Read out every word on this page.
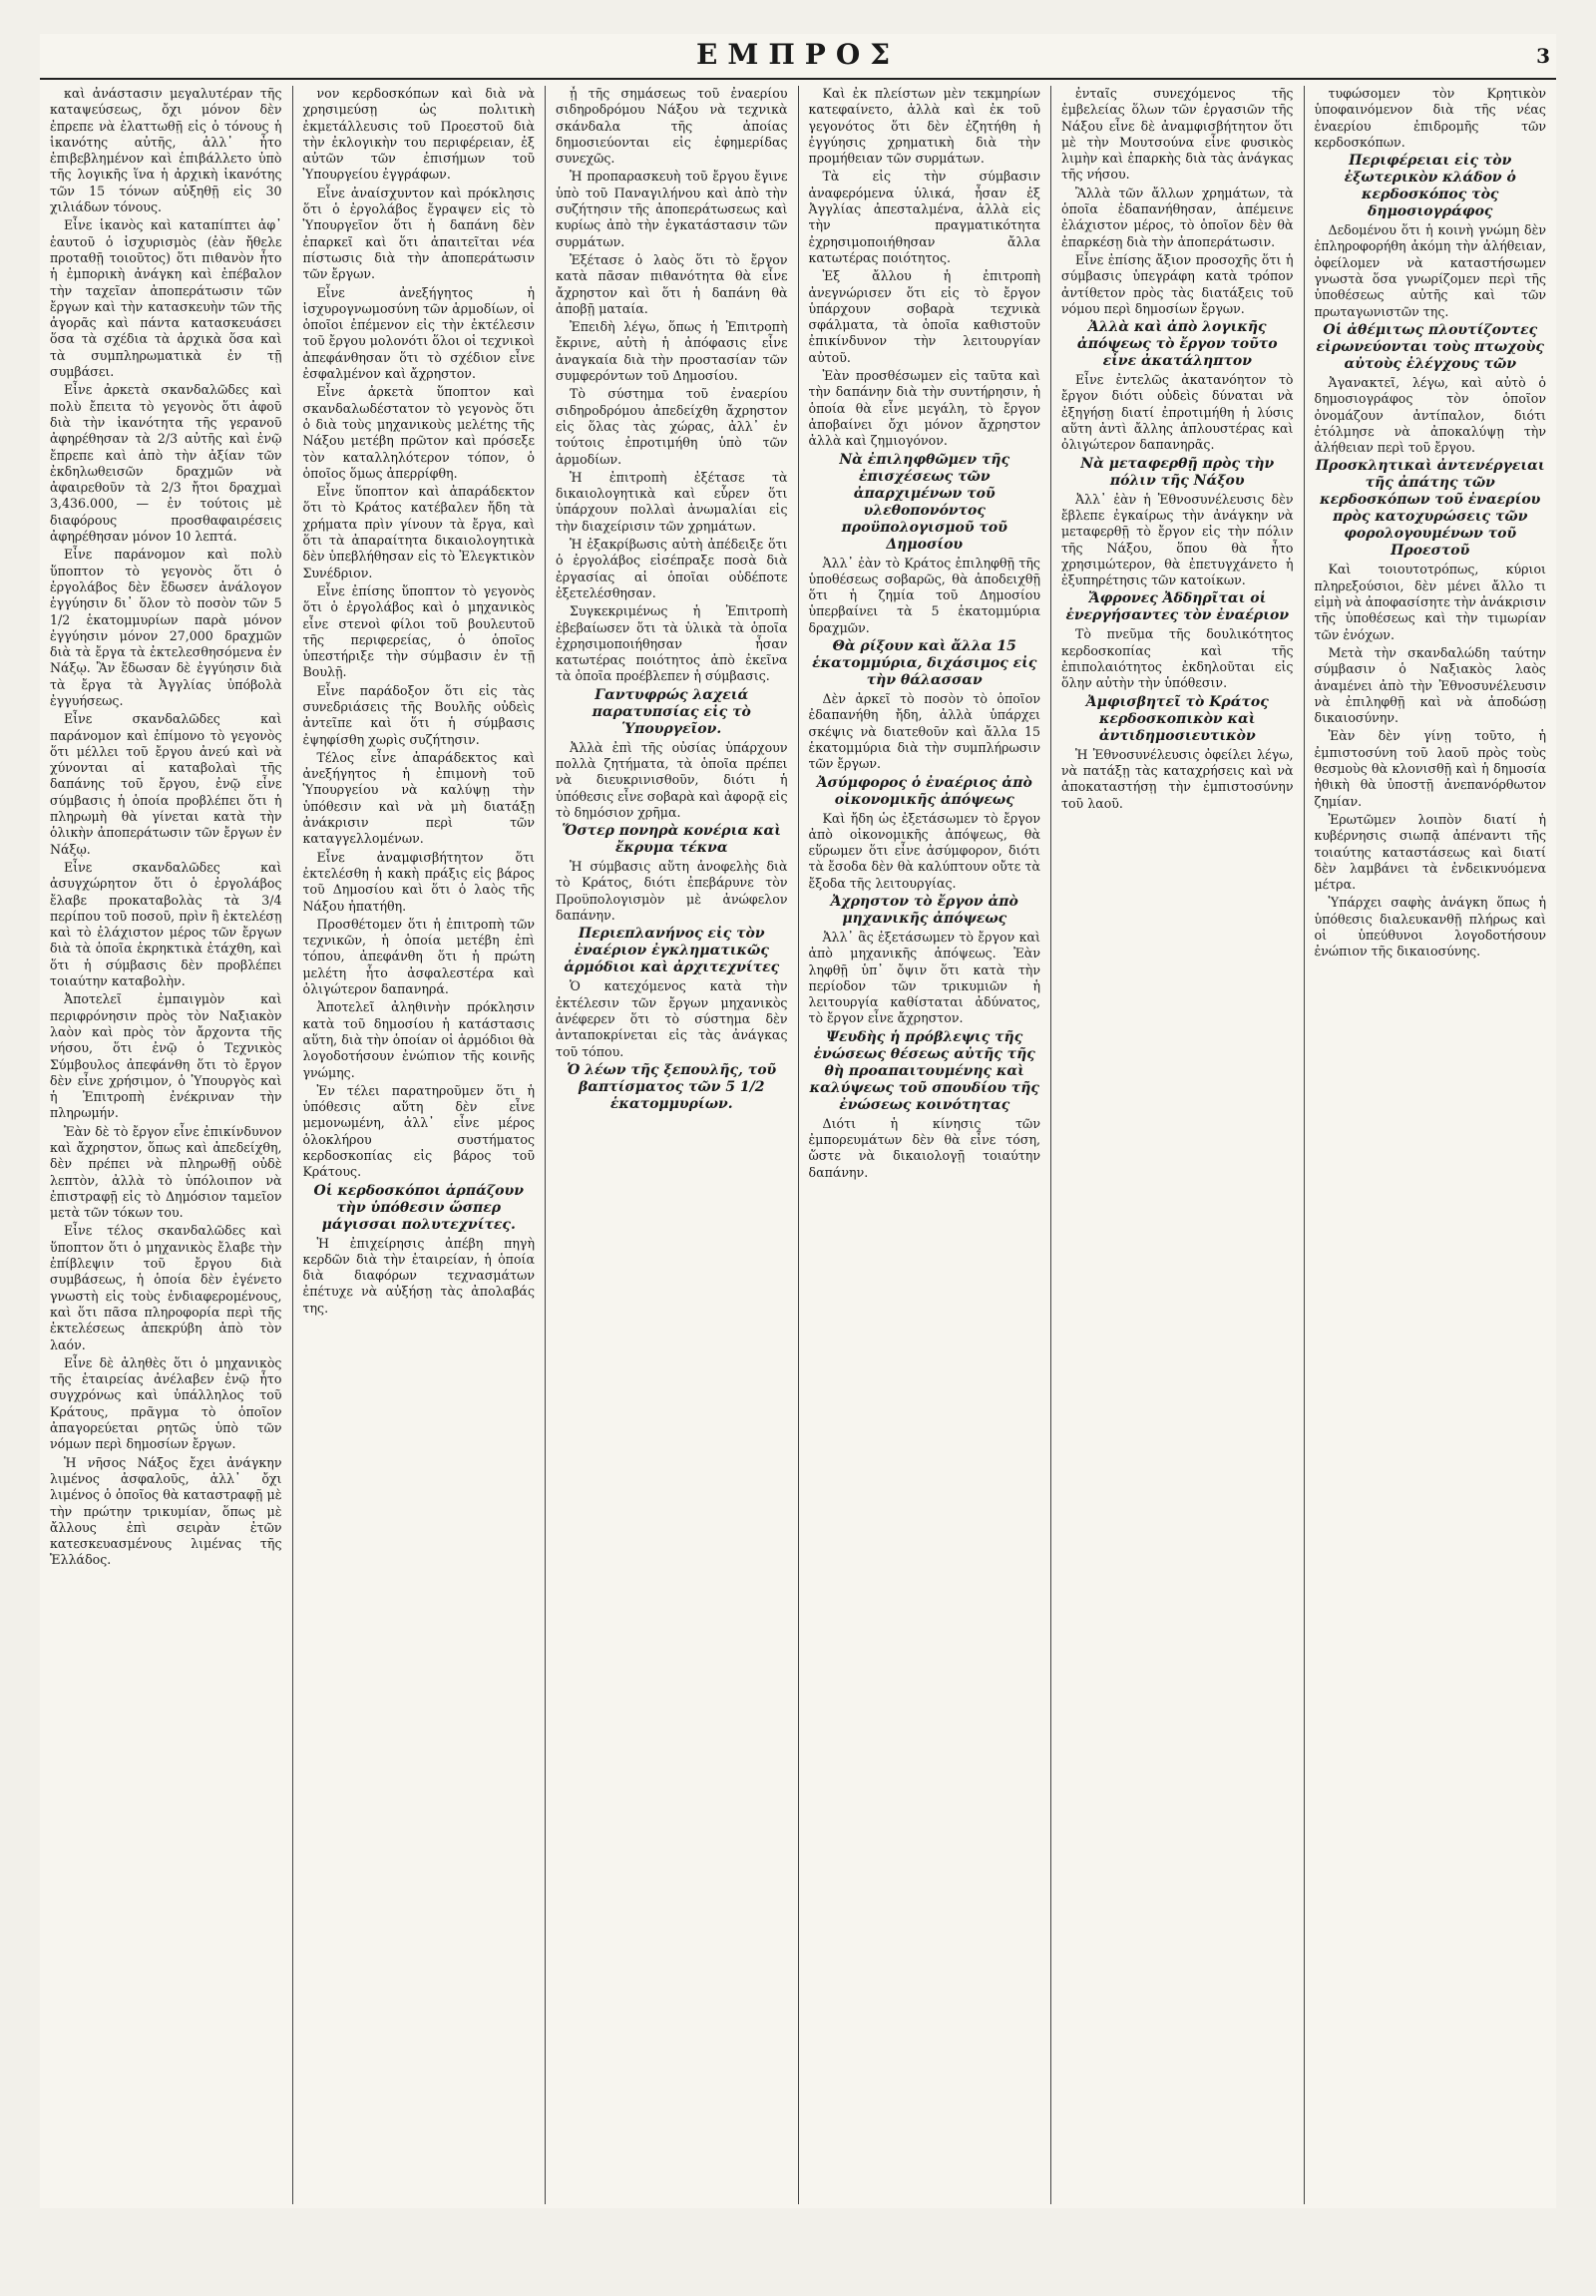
ΕΜΠΡΟΣ	3

καὶ ἀνάστασιν μεγαλυτέραν τῆς καταψεύσεως, ὄχι μόνον δὲν ἐπρεπε νὰ ἐλαττωθῇ εἰς ὁ τόνους ἡ ἱκανότης αὐτῆς, ἀλλ᾽ ἦτο ἐπιβεβλημένον καὶ ἐπιβάλλετο ὑπὸ τῆς λογικῆς ἵνα ἡ ἀρχικὴ ἱκανότης τῶν 15 τόνων αὐξηθῇ εἰς 30 χιλιάδων τόνους.

Εἶνε ἱκανὸς καὶ καταπίπτει ἀφ᾽ ἑαυτοῦ ὁ ἰσχυρισμὸς (ἐὰν ἤθελε προταθῇ τοιοῦτος) ὅτι πιθανὸν ἦτο ἡ ἐμπορικὴ ἀνάγκη καὶ ἐπέβαλον τὴν ταχεῖαν ἀποπεράτωσιν τῶν ἔργων καὶ τὴν κατασκευὴν τῶν τῆς ἀγορᾶς καὶ πάντα κατασκευάσει ὅσα τὰ σχέδια τὰ ἀρχικὰ ὅσα καὶ τὰ συμπληρωματικὰ ἐν τῇ συμβάσει.

Εἶνε ἀρκετὰ σκανδαλῶδες καὶ πολὺ ἔπειτα τὸ γεγονὸς ὅτι ἀφοῦ διὰ τὴν ἱκανότητα τῆς γερανοῦ ἀφηρέθησαν τὰ 2/3 αὐτῆς καὶ ἐνῷ ἔπρεπε καὶ ἀπὸ τὴν ἀξίαν τῶν ἐκδηλωθεισῶν δραχμῶν νὰ ἀφαιρεθοῦν τὰ 2/3 ἤτοι δραχμαὶ 3,436.000, — ἐν τούτοις μὲ διαφόρους προσθαφαιρέσεις ἀφηρέθησαν μόνον 10 λεπτά.

Εἶνε παράνομον καὶ πολὺ ὕποπτον τὸ γεγονὸς ὅτι ὁ ἐργολάβος δὲν ἔδωσεν ἀνάλογον ἐγγύησιν δι᾽ ὅλον τὸ ποσὸν τῶν 5 1/2 ἑκατομμυρίων παρὰ μόνον ἐγγύησιν μόνον 27,000 δραχμῶν διὰ τὰ ἔργα τὰ ἐκτελεσθησόμενα ἐν Νάξῳ. Ἂν ἔδωσαν δὲ ἐγγύησιν διὰ τὰ ἔργα τὰ Ἀγγλίας ὑπόβολὰ ἐγγυήσεως.

Εἶνε σκανδαλῶδες καὶ παράνομον καὶ ἐπίμονο τὸ γεγονὸς ὅτι μέλλει τοῦ ἔργου ἀνεύ καὶ νὰ χύνονται αἱ καταβολαὶ τῆς δαπάνης τοῦ ἔργου, ἐνῷ εἶνε σύμβασις ἡ ὁποία προβλέπει ὅτι ἡ πληρωμὴ θὰ γίνεται κατὰ τὴν ὁλικὴν ἀποπεράτωσιν τῶν ἔργων ἐν Νάξῳ.

Εἶνε σκανδαλῶδες καὶ ἀσυγχώρητον ὅτι ὁ ἐργολάβος ἔλαβε προκαταβολὰς τὰ 3/4 περίπου τοῦ ποσοῦ, πρὶν ἢ ἐκτελέσῃ καὶ τὸ ἐλάχιστον μέρος τῶν ἔργων διὰ τὰ ὁποῖα ἐκρηκτικὰ ἐτάχθη, καὶ ὅτι ἡ σύμβασις δὲν προβλέπει τοιαύτην καταβολὴν.

Ἀποτελεῖ ἐμπαιγμὸν καὶ περιφρόνησιν πρὸς τὸν Ναξιακὸν λαὸν καὶ πρὸς τὸν ἄρχοντα τῆς νήσου, ὅτι ἐνῷ ὁ Τεχνικὸς Σύμβουλος ἀπεφάνθη ὅτι τὸ ἔργον δὲν εἶνε χρήσιμον, ὁ Ὑπουργὸς καὶ ἡ Ἐπιτροπὴ ἐνέκριναν τὴν πληρωμήν.

Ἐὰν δὲ τὸ ἔργον εἶνε ἐπικίνδυνον καὶ ἄχρηστον, ὅπως καὶ ἀπεδείχθη, δὲν πρέπει νὰ πληρωθῇ οὐδὲ λεπτὸν, ἀλλὰ τὸ ὑπόλοιπον νὰ ἐπιστραφῇ εἰς τὸ Δημόσιον ταμεῖον μετὰ τῶν τόκων του.

Εἶνε τέλος σκανδαλῶδες καὶ ὕποπτον ὅτι ὁ μηχανικὸς ἔλαβε τὴν ἐπίβλεψιν τοῦ ἔργου διὰ συμβάσεως, ἡ ὁποία δὲν ἐγένετο γνωστὴ εἰς τοὺς ἐνδιαφερομένους, καὶ ὅτι πᾶσα πληροφορία περὶ τῆς ἐκτελέσεως ἀπεκρύβη ἀπὸ τὸν λαόν.

Εἶνε δὲ ἀληθὲς ὅτι ὁ μηχανικὸς τῆς ἑταιρείας ἀνέλαβεν ἐνῷ ἦτο συγχρόνως καὶ ὑπάλληλος τοῦ Κράτους, πρᾶγμα τὸ ὁποῖον ἀπαγορεύεται ρητῶς ὑπὸ τῶν νόμων περὶ δημοσίων ἔργων.

Ἡ νῆσος Νάξος ἔχει ἀνάγκην λιμένος ἀσφαλοῦς, ἀλλ᾽ ὄχι λιμένος ὁ ὁποῖος θὰ καταστραφῇ μὲ τὴν πρώτην τρικυμίαν, ὅπως μὲ ἄλλους ἐπὶ σειρὰν ἐτῶν κατεσκευασμένους λιμένας τῆς Ἑλλάδος.

νον κερδοσκόπων καὶ διὰ νὰ χρησιμεύσῃ ὡς πολιτικὴ ἐκμετάλλευσις τοῦ Προεστοῦ διὰ τὴν ἐκλογικὴν του περιφέρειαν, ἐξ αὐτῶν τῶν ἐπισήμων τοῦ Ὑπουργείου ἐγγράφων.

Εἶνε ἀναίσχυντον καὶ πρόκλησις ὅτι ὁ ἐργολάβος ἔγραψεν εἰς τὸ Ὑπουργεῖον ὅτι ἡ δαπάνη δὲν ἐπαρκεῖ καὶ ὅτι ἀπαιτεῖται νέα πίστωσις διὰ τὴν ἀποπεράτωσιν τῶν ἔργων.

Εἶνε ἀνεξήγητος ἡ ἰσχυρογνωμοσύνη τῶν ἁρμοδίων, οἱ ὁποῖοι ἐπέμενον εἰς τὴν ἐκτέλεσιν τοῦ ἔργου μολονότι ὅλοι οἱ τεχνικοὶ ἀπεφάνθησαν ὅτι τὸ σχέδιον εἶνε ἐσφαλμένον καὶ ἄχρηστον.

Εἶνε ἀρκετὰ ὕποπτον καὶ σκανδαλωδέστατον τὸ γεγονὸς ὅτι ὁ διὰ τοὺς μηχανικοὺς μελέτης τῆς Νάξου μετέβη πρῶτον καὶ πρόσεξε τὸν καταλληλότερον τόπον, ὁ ὁποῖος ὅμως ἀπερρίφθη.

Εἶνε ὕποπτον καὶ ἀπαράδεκτον ὅτι τὸ Κράτος κατέβαλεν ἤδη τὰ χρήματα πρὶν γίνουν τὰ ἔργα, καὶ ὅτι τὰ ἀπαραίτητα δικαιολογητικὰ δὲν ὑπεβλήθησαν εἰς τὸ Ἐλεγκτικὸν Συνέδριον.

Εἶνε ἐπίσης ὕποπτον τὸ γεγονὸς ὅτι ὁ ἐργολάβος καὶ ὁ μηχανικὸς εἶνε στενοὶ φίλοι τοῦ βουλευτοῦ τῆς περιφερείας, ὁ ὁποῖος ὑπεστήριξε τὴν σύμβασιν ἐν τῇ Βουλῇ.

Εἶνε παράδοξον ὅτι εἰς τὰς συνεδριάσεις τῆς Βουλῆς οὐδεὶς ἀντεῖπε καὶ ὅτι ἡ σύμβασις ἐψηφίσθη χωρὶς συζήτησιν.

Τέλος εἶνε ἀπαράδεκτος καὶ ἀνεξήγητος ἡ ἐπιμονὴ τοῦ Ὑπουργείου νὰ καλύψῃ τὴν ὑπόθεσιν καὶ νὰ μὴ διατάξῃ ἀνάκρισιν περὶ τῶν καταγγελλομένων.

Εἶνε ἀναμφισβήτητον ὅτι ἐκτελέσθη ἡ κακὴ πράξις εἰς βάρος τοῦ Δημοσίου καὶ ὅτι ὁ λαὸς τῆς Νάξου ἠπατήθη.

Προσθέτομεν ὅτι ἡ ἐπιτροπὴ τῶν τεχνικῶν, ἡ ὁποία μετέβη ἐπὶ τόπου, ἀπεφάνθη ὅτι ἡ πρώτη μελέτη ἦτο ἀσφαλεστέρα καὶ ὀλιγώτερον δαπανηρά.

Ἀποτελεῖ ἀληθινὴν πρόκλησιν κατὰ τοῦ δημοσίου ἡ κατάστασις αὕτη, διὰ τὴν ὁποίαν οἱ ἁρμόδιοι θὰ λογοδοτήσουν ἐνώπιον τῆς κοινῆς γνώμης.

Ἐν τέλει παρατηροῦμεν ὅτι ἡ ὑπόθεσις αὕτη δὲν εἶνε μεμονωμένη, ἀλλ᾽ εἶνε μέρος ὁλοκλήρου συστήματος κερδοσκοπίας εἰς βάρος τοῦ Κράτους.

Οἱ κερδοσκόποι ἁρπάζουν τὴν ὑπόθεσιν ὥσπερ μάγισσαι πολυτεχνίτες.

Ἡ ἐπιχείρησις ἀπέβη πηγὴ κερδῶν διὰ τὴν ἑταιρείαν, ἡ ὁποία διὰ διαφόρων τεχνασμάτων ἐπέτυχε νὰ αὐξήσῃ τὰς ἀπολαβάς της.

ᾖ τῆς σημάσεως τοῦ ἐναερίου σιδηροδρόμου Νάξου νὰ τεχνικὰ σκάνδαλα τῆς ἀποίας δημοσιεύονται εἰς ἐφημερίδας συνεχῶς.

Ἡ προπαρασκευὴ τοῦ ἔργου ἔγινε ὑπὸ τοῦ Παναγιλήνου καὶ ἀπὸ τὴν συζήτησιν τῆς ἀποπεράτωσεως καὶ κυρίως ἀπὸ τὴν ἐγκατάστασιν τῶν συρμάτων.

Ἐξέτασε ὁ λαὸς ὅτι τὸ ἔργον κατὰ πᾶσαν πιθανότητα θὰ εἶνε ἄχρηστον καὶ ὅτι ἡ δαπάνη θὰ ἀποβῇ ματαία.

Ἐπειδὴ λέγω, ὅπως ἡ Ἐπιτροπὴ ἔκρινε, αὐτὴ ἡ ἀπόφασις εἶνε ἀναγκαία διὰ τὴν προστασίαν τῶν συμφερόντων τοῦ Δημοσίου.

Τὸ σύστημα τοῦ ἐναερίου σιδηροδρόμου ἀπεδείχθη ἄχρηστον εἰς ὅλας τὰς χώρας, ἀλλ᾽ ἐν τούτοις ἐπροτιμήθη ὑπὸ τῶν ἁρμοδίων.

Ἡ ἐπιτροπὴ ἐξέτασε τὰ δικαιολογητικὰ καὶ εὗρεν ὅτι ὑπάρχουν πολλαὶ ἀνωμαλίαι εἰς τὴν διαχείρισιν τῶν χρημάτων.

Ἡ ἐξακρίβωσις αὐτὴ ἀπέδειξε ὅτι ὁ ἐργολάβος εἰσέπραξε ποσὰ διὰ ἐργασίας αἱ ὁποῖαι οὐδέποτε ἐξετελέσθησαν.

Συγκεκριμένως ἡ Ἐπιτροπὴ ἐβεβαίωσεν ὅτι τὰ ὑλικὰ τὰ ὁποῖα ἐχρησιμοποιήθησαν ἦσαν κατωτέρας ποιότητος ἀπὸ ἐκεῖνα τὰ ὁποῖα προέβλεπεν ἡ σύμβασις.

Γαντυφρώς λαχειά παρατυπσίας εἰς τὸ Ὑπουργεῖον.

Ἀλλὰ ἐπὶ τῆς οὐσίας ὑπάρχουν πολλὰ ζητήματα, τὰ ὁποῖα πρέπει νὰ διευκρινισθοῦν, διότι ἡ ὑπόθεσις εἶνε σοβαρὰ καὶ ἀφορᾷ εἰς τὸ δημόσιον χρῆμα.

Ὅστερ πονηρὰ κονέρια καὶ ἔκρυμα τέκνα

Ἡ σύμβασις αὕτη ἀνοφελὴς διὰ τὸ Κράτος, διότι ἐπεβάρυνε τὸν Προϋπολογισμὸν μὲ ἀνώφελον δαπάνην.

Περιεπλανήνος εἰς τὸν ἐναέριον ἐγκληματικῶς ἁρμόδιοι καὶ ἀρχιτεχνίτες

Ὁ κατεχόμενος κατὰ τὴν ἐκτέλεσιν τῶν ἔργων μηχανικὸς ἀνέφερεν ὅτι τὸ σύστημα δὲν ἀνταποκρίνεται εἰς τὰς ἀνάγκας τοῦ τόπου.

Ὁ λέων τῆς ξεπουλῆς, τοῦ βαπτίσματος τῶν 5 1/2 ἑκατομμυρίων.

Καὶ ἐκ πλείστων μὲν τεκμηρίων κατεφαίνετο, ἀλλὰ καὶ ἐκ τοῦ γεγονότος ὅτι δὲν ἐζητήθη ἡ ἐγγύησις χρηματικὴ διὰ τὴν προμήθειαν τῶν συρμάτων.

Τὰ εἰς τὴν σύμβασιν ἀναφερόμενα ὑλικά, ἦσαν ἐξ Ἀγγλίας ἀπεσταλμένα, ἀλλὰ εἰς τὴν πραγματικότητα ἐχρησιμοποιήθησαν ἄλλα κατωτέρας ποιότητος.

Ἐξ ἄλλου ἡ ἐπιτροπὴ ἀνεγνώρισεν ὅτι εἰς τὸ ἔργον ὑπάρχουν σοβαρὰ τεχνικὰ σφάλματα, τὰ ὁποῖα καθιστοῦν ἐπικίνδυνον τὴν λειτουργίαν αὐτοῦ.

Ἐὰν προσθέσωμεν εἰς ταῦτα καὶ τὴν δαπάνην διὰ τὴν συντήρησιν, ἡ ὁποία θὰ εἶνε μεγάλη, τὸ ἔργον ἀποβαίνει ὄχι μόνον ἄχρηστον ἀλλὰ καὶ ζημιογόνον.

Νὰ ἐπιληφθῶμεν τῆς ἐπισχέσεως τῶν ἀπαρχιμένων τοῦ υλεθοπονόντος προϋπολογισμοῦ τοῦ Δημοσίου

Ἀλλ᾽ ἐὰν τὸ Κράτος ἐπιληφθῇ τῆς ὑποθέσεως σοβαρῶς, θὰ ἀποδειχθῇ ὅτι ἡ ζημία τοῦ Δημοσίου ὑπερβαίνει τὰ 5 ἑκατομμύρια δραχμῶν.

Θὰ ρίξουν καὶ ἄλλα 15 ἑκατομμύρια, διχάσιμος εἰς τὴν θάλασσαν

Δὲν ἀρκεῖ τὸ ποσὸν τὸ ὁποῖον ἐδαπανήθη ἤδη, ἀλλὰ ὑπάρχει σκέψις νὰ διατεθοῦν καὶ ἄλλα 15 ἑκατομμύρια διὰ τὴν συμπλήρωσιν τῶν ἔργων.

Ἀσύμφορος ὁ ἐναέριος ἀπὸ οἰκονομικῆς ἀπόψεως

Καὶ ἤδη ὡς ἐξετάσωμεν τὸ ἔργον ἀπὸ οἰκονομικῆς ἀπόψεως, θὰ εὕρωμεν ὅτι εἶνε ἀσύμφορον, διότι τὰ ἔσοδα δὲν θὰ καλύπτουν οὔτε τὰ ἔξοδα τῆς λειτουργίας.

Ἀχρηστον τὸ ἔργον ἀπὸ μηχανικῆς ἀπόψεως

Ἀλλ᾽ ἂς ἐξετάσωμεν τὸ ἔργον καὶ ἀπὸ μηχανικῆς ἀπόψεως. Ἐὰν ληφθῇ ὑπ᾽ ὄψιν ὅτι κατὰ τὴν περίοδον τῶν τρικυμιῶν ἡ λειτουργία καθίσταται ἀδύνατος, τὸ ἔργον εἶνε ἄχρηστον.

Ψευδὴς ἡ πρόβλεψις τῆς ἐνώσεως θέσεως αὐτῆς τῆς θὴ προαπαιτουμένης καὶ καλύψεως τοῦ σπουδίου τῆς ἐνώσεως κοινότητας

Διότι ἡ κίνησις τῶν ἐμπορευμάτων δὲν θὰ εἶνε τόση, ὥστε νὰ δικαιολογῇ τοιαύτην δαπάνην.

ἐνταῖς συνεχόμενος τῆς ἐμβελείας ὅλων τῶν ἐργασιῶν τῆς Νάξου εἶνε δὲ ἀναμφισβήτητον ὅτι μὲ τὴν Μουτσούνα εἶνε φυσικὸς λιμὴν καὶ ἐπαρκὴς διὰ τὰς ἀνάγκας τῆς νήσου.

Ἂλλὰ τῶν ἄλλων χρημάτων, τὰ ὁποῖα ἐδαπανήθησαν, ἀπέμεινε ἐλάχιστον μέρος, τὸ ὁποῖον δὲν θὰ ἐπαρκέσῃ διὰ τὴν ἀποπεράτωσιν.

Εἶνε ἐπίσης ἄξιον προσοχῆς ὅτι ἡ σύμβασις ὑπεγράφη κατὰ τρόπον ἀντίθετον πρὸς τὰς διατάξεις τοῦ νόμου περὶ δημοσίων ἔργων.

Ἀλλὰ καὶ ἀπὸ λογικῆς ἀπόψεως τὸ ἔργον τοῦτο εἶνε ἀκατάληπτον

Εἶνε ἐντελῶς ἀκατανόητον τὸ ἔργον διότι οὐδεὶς δύναται νὰ ἐξηγήσῃ διατί ἐπροτιμήθη ἡ λύσις αὕτη ἀντὶ ἄλλης ἁπλουστέρας καὶ ὀλιγώτερον δαπανηρᾶς.

Νὰ μεταφερθῇ πρὸς τὴν πόλιν τῆς Νάξου

Ἀλλ᾽ ἐὰν ἡ Ἐθνοσυνέλευσις δὲν ἔβλεπε ἐγκαίρως τὴν ἀνάγκην νὰ μεταφερθῇ τὸ ἔργον εἰς τὴν πόλιν τῆς Νάξου, ὅπου θὰ ἦτο χρησιμώτερον, θὰ ἐπετυγχάνετο ἡ ἐξυπηρέτησις τῶν κατοίκων.

Ἄφρονες Ἀδδηρῖται οἱ ἐνεργήσαντες τὸν ἐναέριον

Τὸ πνεῦμα τῆς δουλικότητος κερδοσκοπίας καὶ τῆς ἐπιπολαιότητος ἐκδηλοῦται εἰς ὅλην αὐτὴν τὴν ὑπόθεσιν.

Ἀμφισβητεῖ τὸ Κράτος κερδοσκοπικὸν καὶ ἀντιδημοσιευτικὸν

Ἡ Ἐθνοσυνέλευσις ὀφείλει λέγω, νὰ πατάξῃ τὰς καταχρήσεις καὶ νὰ ἀποκαταστήσῃ τὴν ἐμπιστοσύνην τοῦ λαοῦ.

τυφώσομεν τὸν Κρητικὸν ὑποφαινόμενον διὰ τῆς νέας ἐναερίου ἐπιδρομῆς τῶν κερδοσκόπων.

Περιφέρειαι εἰς τὸν ἐξωτερικὸν κλάδον ὁ κερδοσκόπος τὸς δημοσιογράφος

Δεδομένου ὅτι ἡ κοινὴ γνώμη δὲν ἐπληροφορήθη ἀκόμη τὴν ἀλήθειαν, ὀφείλομεν νὰ καταστήσωμεν γνωστὰ ὅσα γνωρίζομεν περὶ τῆς ὑποθέσεως αὐτῆς καὶ τῶν πρωταγωνιστῶν της.

Οἱ ἀθέμιτως πλουτίζοντες εἰρωνεύονται τοὺς πτωχοὺς αὐτοὺς ἐλέγχους τῶν

Ἀγανακτεῖ, λέγω, καὶ αὐτὸ ὁ δημοσιογράφος τὸν ὁποῖον ὀνομάζουν ἀντίπαλον, διότι ἐτόλμησε νὰ ἀποκαλύψῃ τὴν ἀλήθειαν περὶ τοῦ ἔργου.

Προσκλητικαὶ ἀντενέργειαι τῆς ἀπάτης τῶν κερδοσκόπων τοῦ ἐναερίου πρὸς κατοχυρώσεις τῶν φορολογουμένων τοῦ Προεστοῦ

Καὶ τοιουτοτρόπως, κύριοι πληρεξούσιοι, δὲν μένει ἄλλο τι εἰμὴ νὰ ἀποφασίσητε τὴν ἀνάκρισιν τῆς ὑποθέσεως καὶ τὴν τιμωρίαν τῶν ἐνόχων.

Μετὰ τὴν σκανδαλώδη ταύτην σύμβασιν ὁ Ναξιακὸς λαὸς ἀναμένει ἀπὸ τὴν Ἐθνοσυνέλευσιν νὰ ἐπιληφθῇ καὶ νὰ ἀποδώσῃ δικαιοσύνην.

Ἐὰν δὲν γίνῃ τοῦτο, ἡ ἐμπιστοσύνη τοῦ λαοῦ πρὸς τοὺς θεσμοὺς θὰ κλονισθῇ καὶ ἡ δημοσία ἠθικὴ θὰ ὑποστῇ ἀνεπανόρθωτον ζημίαν.

Ἐρωτῶμεν λοιπὸν διατί ἡ κυβέρνησις σιωπᾷ ἀπέναντι τῆς τοιαύτης καταστάσεως καὶ διατί δὲν λαμβάνει τὰ ἐνδεικνυόμενα μέτρα.

Ὑπάρχει σαφὴς ἀνάγκη ὅπως ἡ ὑπόθεσις διαλευκανθῇ πλήρως καὶ οἱ ὑπεύθυνοι λογοδοτήσουν ἐνώπιον τῆς δικαιοσύνης.
